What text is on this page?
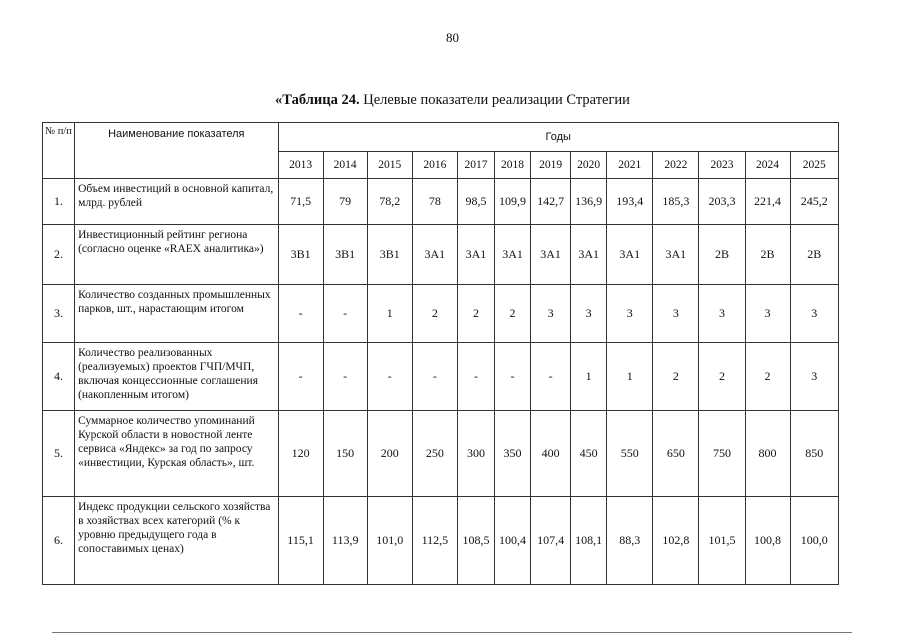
80
«Таблица 24. Целевые показатели реализации Стратегии
№ п/п	Наименование показателя	Годы												
		2013	2014	2015	2016	2017	2018	2019	2020	2021	2022	2023	2024	2025
1.	Объем инвестиций в основной капитал, млрд. рублей	71,5	79	78,2	78	98,5	109,9	142,7	136,9	193,4	185,3	203,3	221,4	245,2
2.	Инвестиционный рейтинг региона (согласно оценке «RAEX аналитика»)	3В1	3В1	3В1	3А1	3А1	3А1	3А1	3А1	3А1	3А1	2В	2В	2В
3.	Количество созданных промышленных парков, шт., нарастающим итогом	-	-	1	2	2	2	3	3	3	3	3	3	3
4.	Количество реализованных (реализуемых) проектов ГЧП/МЧП, включая концессионные соглашения (накопленным итогом)	-	-	-	-	-	-	-	1	1	2	2	2	3
5.	Суммарное количество упоминаний Курской области в новостной ленте сервиса «Яндекс» за год по запросу «инвестиции, Курская область», шт.	120	150	200	250	300	350	400	450	550	650	750	800	850
6.	Индекс продукции сельского хозяйства в хозяйствах всех категорий (% к уровню предыдущего года в сопоставимых ценах)	115,1	113,9	101,0	112,5	108,5	100,4	107,4	108,1	88,3	102,8	101,5	100,8	100,0
